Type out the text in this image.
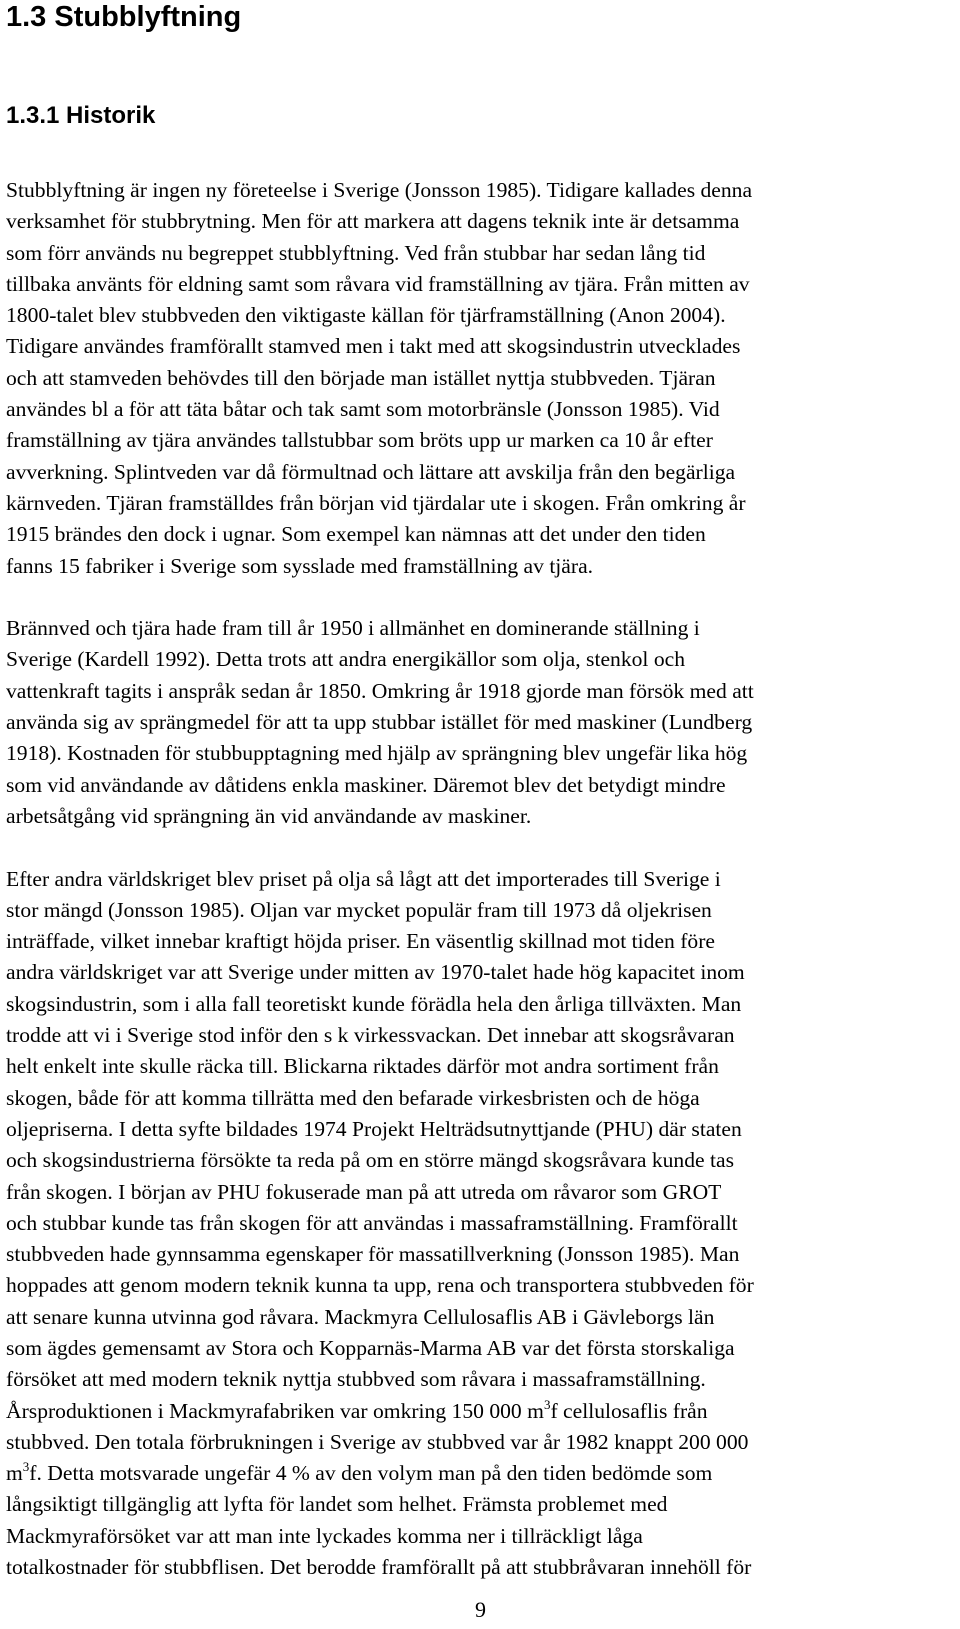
1.3 Stubblyftning
1.3.1 Historik

Stubblyftning är ingen ny företeelse i Sverige (Jonsson 1985). Tidigare kallades denna
verksamhet för stubbrytning. Men för att markera att dagens teknik inte är detsamma
som förr används nu begreppet stubblyftning. Ved från stubbar har sedan lång tid
tillbaka använts för eldning samt som råvara vid framställning av tjära. Från mitten av
1800-talet blev stubbveden den viktigaste källan för tjärframställning (Anon 2004).
Tidigare användes framförallt stamved men i takt med att skogsindustrin utvecklades
och att stamveden behövdes till den började man istället nyttja stubbveden. Tjäran
användes bl a för att täta båtar och tak samt som motorbränsle (Jonsson 1985). Vid
framställning av tjära användes tallstubbar som bröts upp ur marken ca 10 år efter
avverkning. Splintveden var då förmultnad och lättare att avskilja från den begärliga
kärnveden. Tjäran framställdes från början vid tjärdalar ute i skogen. Från omkring år
1915 brändes den dock i ugnar. Som exempel kan nämnas att det under den tiden
fanns 15 fabriker i Sverige som sysslade med framställning av tjära.

Brännved och tjära hade fram till år 1950 i allmänhet en dominerande ställning i
Sverige (Kardell 1992). Detta trots att andra energikällor som olja, stenkol och
vattenkraft tagits i anspråk sedan år 1850. Omkring år 1918 gjorde man försök med att
använda sig av sprängmedel för att ta upp stubbar istället för med maskiner (Lundberg
1918). Kostnaden för stubbupptagning med hjälp av sprängning blev ungefär lika hög
som vid användande av dåtidens enkla maskiner. Däremot blev det betydigt mindre
arbetsåtgång vid sprängning än vid användande av maskiner.

Efter andra världskriget blev priset på olja så lågt att det importerades till Sverige i
stor mängd (Jonsson 1985). Oljan var mycket populär fram till 1973 då oljekrisen
inträffade, vilket innebar kraftigt höjda priser. En väsentlig skillnad mot tiden före
andra världskriget var att Sverige under mitten av 1970-talet hade hög kapacitet inom
skogsindustrin, som i alla fall teoretiskt kunde förädla hela den årliga tillväxten. Man
trodde att vi i Sverige stod inför den s k virkessvackan. Det innebar att skogsråvaran
helt enkelt inte skulle räcka till. Blickarna riktades därför mot andra sortiment från
skogen, både för att komma tillrätta med den befarade virkesbristen och de höga
oljepriserna. I detta syfte bildades 1974 Projekt Helträdsutnyttjande (PHU) där staten
och skogsindustrierna försökte ta reda på om en större mängd skogsråvara kunde tas
från skogen. I början av PHU fokuserade man på att utreda om råvaror som GROT
och stubbar kunde tas från skogen för att användas i massaframställning. Framförallt
stubbveden hade gynnsamma egenskaper för massatillverkning (Jonsson 1985). Man
hoppades att genom modern teknik kunna ta upp, rena och transportera stubbveden för
att senare kunna utvinna god råvara. Mackmyra Cellulosaflis AB i Gävleborgs län
som ägdes gemensamt av Stora och Kopparnäs-Marma AB var det första storskaliga
försöket att med modern teknik nyttja stubbved som råvara i massaframställning.
Årsproduktionen i Mackmyrafabriken var omkring 150 000 $m^3f$ cellulosaflis från
stubbved. Den totala förbrukningen i Sverige av stubbved var år 1982 knappt 200 000
$m^3f$. Detta motsvarade ungefär 4 % av den volym man på den tiden bedömde som
långsiktigt tillgänglig att lyfta för landet som helhet. Främsta problemet med
Mackmyraförsöket var att man inte lyckades komma ner i tillräckligt låga
totalkostnader för stubbflisen. Det berodde framförallt på att stubbråvaran innehöll för

9
